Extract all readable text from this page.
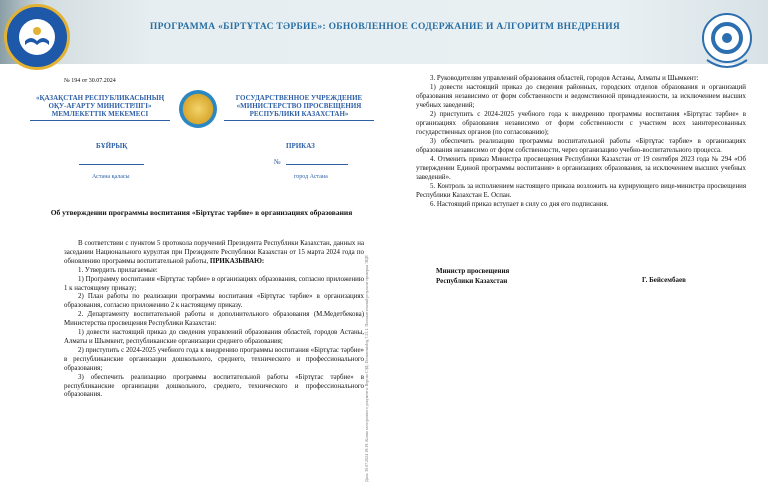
ПРОГРАММА «БІРТҰТАС ТӘРБИЕ»: ОБНОВЛЕННОЕ СОДЕРЖАНИЕ И АЛГОРИТМ ВНЕДРЕНИЯ
№ 194 от 30.07.2024
«ҚАЗАҚСТАН РЕСПУБЛИКАСЫНЫҢ ОҚУ-АҒАРТУ МИНИСТРЛІГІ» МЕМЛЕКЕТТІК МЕКЕМЕСІ
ГОСУДАРСТВЕННОЕ УЧРЕЖДЕНИЕ «МИНИСТЕРСТВО ПРОСВЕЩЕНИЯ РЕСПУБЛИКИ КАЗАХСТАН»
БҰЙРЫҚ	ПРИКАЗ
№
Астана қаласы	город Астана
Об утверждении программы воспитания «Біртұтас тәрбие» в организациях образования

В соответствии с пунктом 5 протокола поручений Президента Республики Казахстан, данных на заседании Национального курултая при Президенте Республики Казахстан от 15 марта 2024 года по обновлению программы воспитательной работы, ПРИКАЗЫВАЮ:

1. Утвердить прилагаемые:

1) Программу воспитания «Біртұтас тәрбие» в организациях образования, согласно приложению 1 к настоящему приказу;

2) План работы по реализации программы воспитания «Біртұтас тәрбие» в организациях образования, согласно приложению 2 к настоящему приказу.

2. Департаменту воспитательной работы и дополнительного образования (М.Медетбекова) Министерства просвещения Республики Казахстан:

1) довести настоящий приказ до сведения управлений образования областей, городов Астаны, Алматы и Шымкент, республиканские организации среднего образования;

2) приступить с 2024-2025 учебного года к внедрению программы воспитания «Біртұтас тәрбие» в республиканские организации дошкольного, среднего, технического и профессионального образования;

3) обеспечить реализацию программы воспитательной работы «Біртұтас тәрбие» в республиканские организации дошкольного, среднего, технического и профессионального образования.	Дата: 30.07.2024 19:19. Копия электронного документа. Версия СЭД: Documentolog 7.23.1. Положительный результат проверки ЭЦП

3. Руководителям управлений образования областей, городов Астаны, Алматы и Шымкент:

1) довести настоящий приказ до сведения районных, городских отделов образования и организаций образования независимо от форм собственности и ведомственной принадлежности, за исключением высших учебных заведений;

2) приступить с 2024-2025 учебного года к внедрению программы воспитания «Біртұтас тәрбие» в организациях образования независимо от форм собственности с участием всех заинтересованных государственных органов (по согласованию);

3) обеспечить реализацию программы воспитательной работы «Біртұтас тәрбие» в организациях образования независимо от форм собственности, через организацию учебно-воспитательного процесса.

4. Отменить приказ Министра просвещения Республики Казахстан от 19 сентября 2023 года № 294 «Об утверждении Единой программы воспитания» в организациях образования, за исключением высших учебных заведений».

5. Контроль за исполнением настоящего приказа возложить на курирующего вице-министра просвещения Республики Казахстан Е. Оспан.

6. Настоящий приказ вступает в силу со дня его подписания.

Министр просвещения
Республики Казахстан	Г. Бейсембаев
